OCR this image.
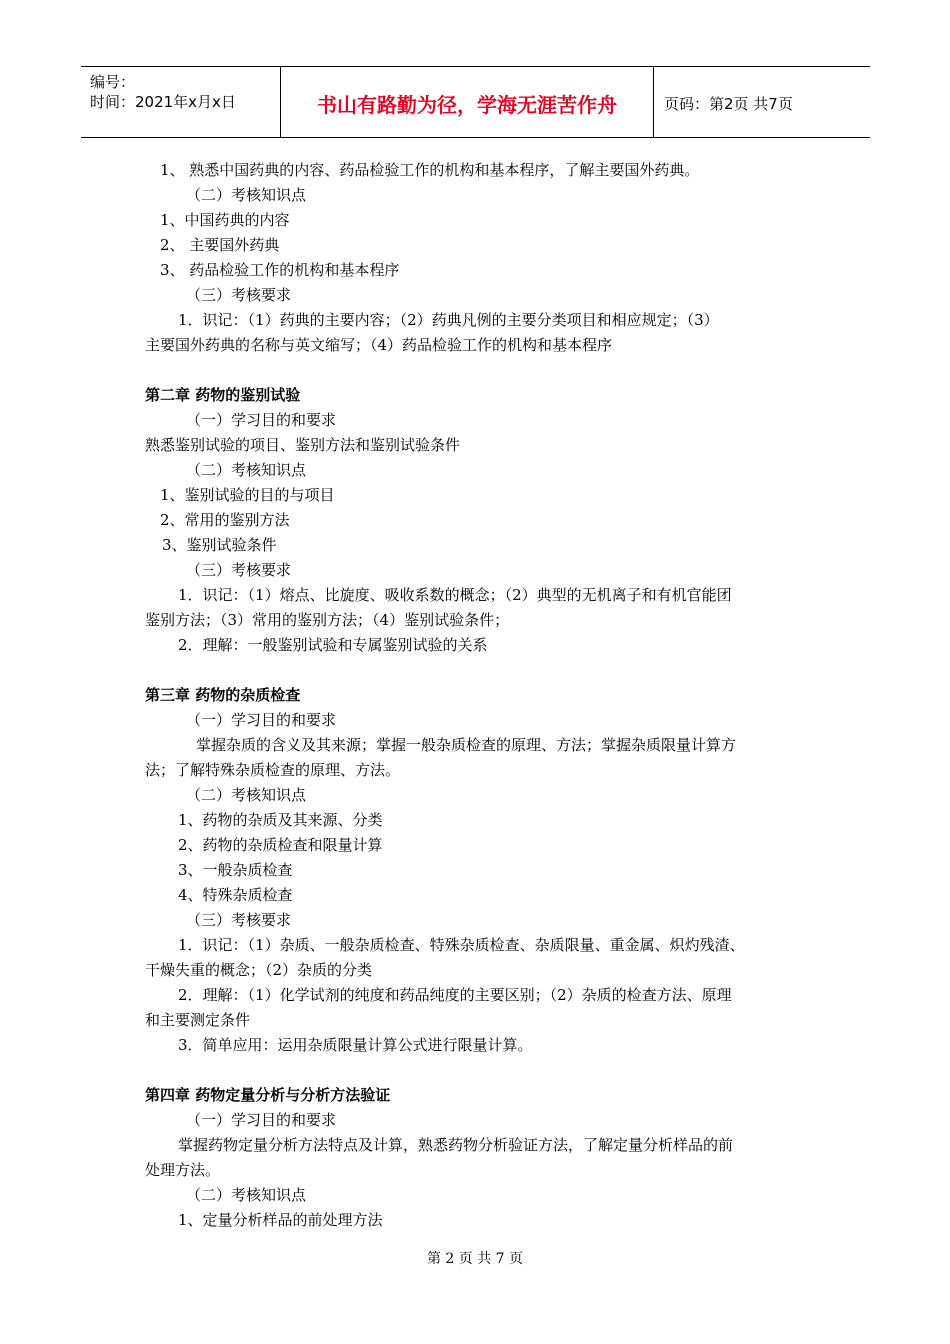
编号：
时间：2021年x月x日	书山有路勤为径，学海无涯苦作舟	页码：第2页 共7页
1、 熟悉中国药典的内容、药品检验工作的机构和基本程序，了解主要国外药典。
（二）考核知识点
1、中国药典的内容
2、 主要国外药典
3、 药品检验工作的机构和基本程序
（三）考核要求
1．识记：（1）药典的主要内容；（2）药典凡例的主要分类项目和相应规定；（3）
主要国外药典的名称与英文缩写；（4）药品检验工作的机构和基本程序
第二章 药物的鉴别试验
（一）学习目的和要求
熟悉鉴别试验的项目、鉴别方法和鉴别试验条件
（二）考核知识点
1、鉴别试验的目的与项目
2、常用的鉴别方法
3、鉴别试验条件
（三）考核要求
1．识记：（1）熔点、比旋度、吸收系数的概念；（2）典型的无机离子和有机官能团
鉴别方法；（3）常用的鉴别方法；（4）鉴别试验条件；
2．理解：一般鉴别试验和专属鉴别试验的关系
第三章 药物的杂质检查
（一）学习目的和要求
掌握杂质的含义及其来源；掌握一般杂质检查的原理、方法；掌握杂质限量计算方
法；了解特殊杂质检查的原理、方法。
（二）考核知识点
1、药物的杂质及其来源、分类
2、药物的杂质检查和限量计算
3、一般杂质检查
4、特殊杂质检查
（三）考核要求
1．识记：（1）杂质、一般杂质检查、特殊杂质检查、杂质限量、重金属、炽灼残渣、
干燥失重的概念；（2）杂质的分类
2．理解：（1）化学试剂的纯度和药品纯度的主要区别；（2）杂质的检查方法、原理
和主要测定条件
3．简单应用：运用杂质限量计算公式进行限量计算。
第四章 药物定量分析与分析方法验证
（一）学习目的和要求
掌握药物定量分析方法特点及计算，熟悉药物分析验证方法，了解定量分析样品的前
处理方法。
（二）考核知识点
1、定量分析样品的前处理方法
第 2 页 共 7 页
